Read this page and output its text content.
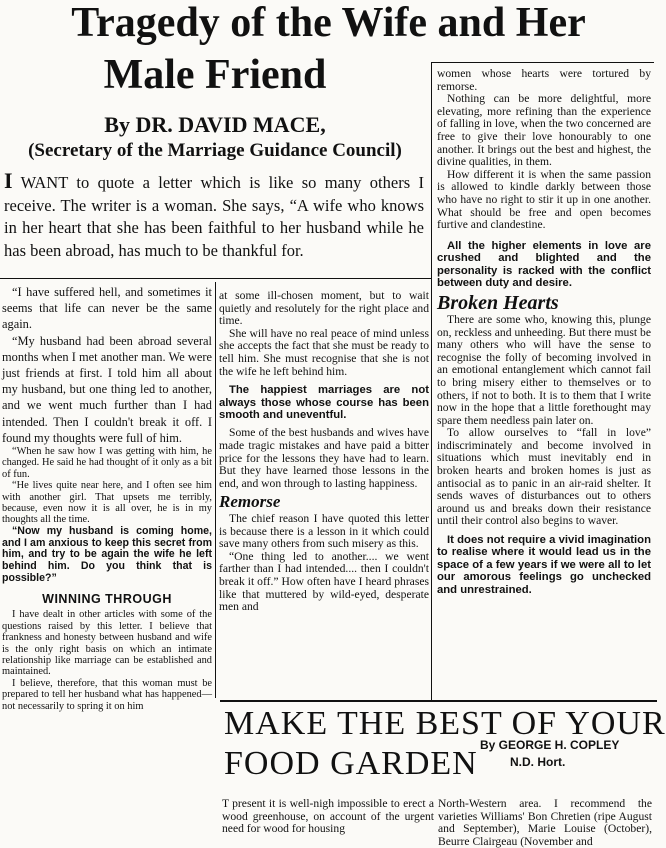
Tragedy of the Wife and Her
Male Friend
By DR. DAVID MACE,
(Secretary of the Marriage Guidance Council)
I WANT to quote a letter which is like so many others I receive. The writer is a woman. She says, “A wife who knows in her heart that she has been faithful to her husband while he has been abroad, has much to be thankful for.

“I have suffered hell, and sometimes it seems that life can never be the same again.

“My husband had been abroad several months when I met another man. We were just friends at first. I told him all about my husband, but one thing led to another, and we went much further than I had intended. Then I couldn't break it off. I found my thoughts were full of him.

“When he saw how I was getting with him, he changed. He said he had thought of it only as a bit of fun.

“He lives quite near here, and I often see him with another girl. That upsets me terribly, because, even now it is all over, he is in my thoughts all the time.

“Now my husband is coming home, and I am anxious to keep this secret from him, and try to be again the wife he left behind him. Do you think that is possible?”

WINNING THROUGH

I have dealt in other articles with some of the questions raised by this letter. I believe that frankness and honesty between husband and wife is the only right basis on which an intimate relationship like marriage can be established and maintained.

I believe, therefore, that this woman must be prepared to tell her husband what has happened—not necessarily to spring it on him

at some ill-chosen moment, but to wait quietly and resolutely for the right place and time.

She will have no real peace of mind unless she accepts the fact that she must be ready to tell him. She must recognise that she is not the wife he left behind him.

The happiest marriages are not always those whose course has been smooth and uneventful.

Some of the best husbands and wives have made tragic mistakes and have paid a bitter price for the lessons they have had to learn. But they have learned those lessons in the end, and won through to lasting happiness.

Remorse

The chief reason I have quoted this letter is because there is a lesson in it which could save many others from such misery as this.

“One thing led to another.... we went farther than I had intended.... then I couldn't break it off.” How often have I heard phrases like that muttered by wild-eyed, desperate men and

women whose hearts were tortured by remorse.

Nothing can be more delightful, more elevating, more refining than the experience of falling in love, when the two concerned are free to give their love honourably to one another. It brings out the best and highest, the divine qualities, in them.

How different it is when the same passion is allowed to kindle darkly between those who have no right to stir it up in one another. What should be free and open becomes furtive and clandestine.

All the higher elements in love are crushed and blighted and the personality is racked with the conflict between duty and desire.

Broken Hearts

There are some who, knowing this, plunge on, reckless and unheeding. But there must be many others who will have the sense to recognise the folly of becoming involved in an emotional entanglement which cannot fail to bring misery either to themselves or to others, if not to both. It is to them that I write now in the hope that a little forethought may spare them needless pain later on.

To allow ourselves to “fall in love” indiscriminately and become involved in situations which must inevitably end in broken hearts and broken homes is just as antisocial as to panic in an air-raid shelter. It sends waves of disturbances out to others around us and breaks down their resistance until their control also begins to waver.

It does not require a vivid imagination to realise where it would lead us in the space of a few years if we were all to let our amorous feelings go unchecked and unrestrained.

MAKE THE BEST OF YOUR
FOOD GARDEN By GEORGE H. COPLEY
N.D. Hort.

T present it is well-nigh impossible to erect a wood greenhouse, on account of the urgent need for wood for housing

North-Western area. I recommend the varieties Williams' Bon Chretien (ripe August and September), Marie Louise (October), Beurre Clairgeau (November and
